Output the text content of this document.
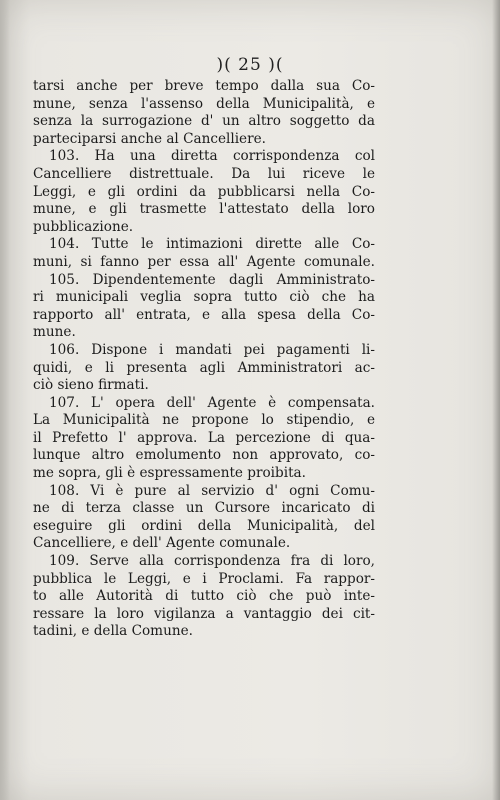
)( 25 )(
tarsi anche per breve tempo dalla sua Co-
mune, senza l'assenso della Municipalità, e
senza la surrogazione d' un altro soggetto da
parteciparsi anche al Cancelliere.
103. Ha una diretta corrispondenza col
Cancelliere distrettuale. Da lui riceve le
Leggi, e gli ordini da pubblicarsi nella Co-
mune, e gli trasmette l'attestato della loro
pubblicazione.
104. Tutte le intimazioni dirette alle Co-
muni, si fanno per essa all' Agente comunale.
105. Dipendentemente dagli Amministrato-
ri municipali veglia sopra tutto ciò che ha
rapporto all' entrata, e alla spesa della Co-
mune.
106. Dispone i mandati pei pagamenti li-
quidi, e li presenta agli Amministratori ac-
ciò sieno firmati.
107. L' opera dell' Agente è compensata.
La Municipalità ne propone lo stipendio, e
il Prefetto l' approva. La percezione di qua-
lunque altro emolumento non approvato, co-
me sopra, gli è espressamente proibita.
108. Vi è pure al servizio d' ogni Comu-
ne di terza classe un Cursore incaricato di
eseguire gli ordini della Municipalità, del
Cancelliere, e dell' Agente comunale.
109. Serve alla corrispondenza fra di loro,
pubblica le Leggi, e i Proclami. Fa rappor-
to alle Autorità di tutto ciò che può inte-
ressare la loro vigilanza a vantaggio dei cit-
tadini, e della Comune.
